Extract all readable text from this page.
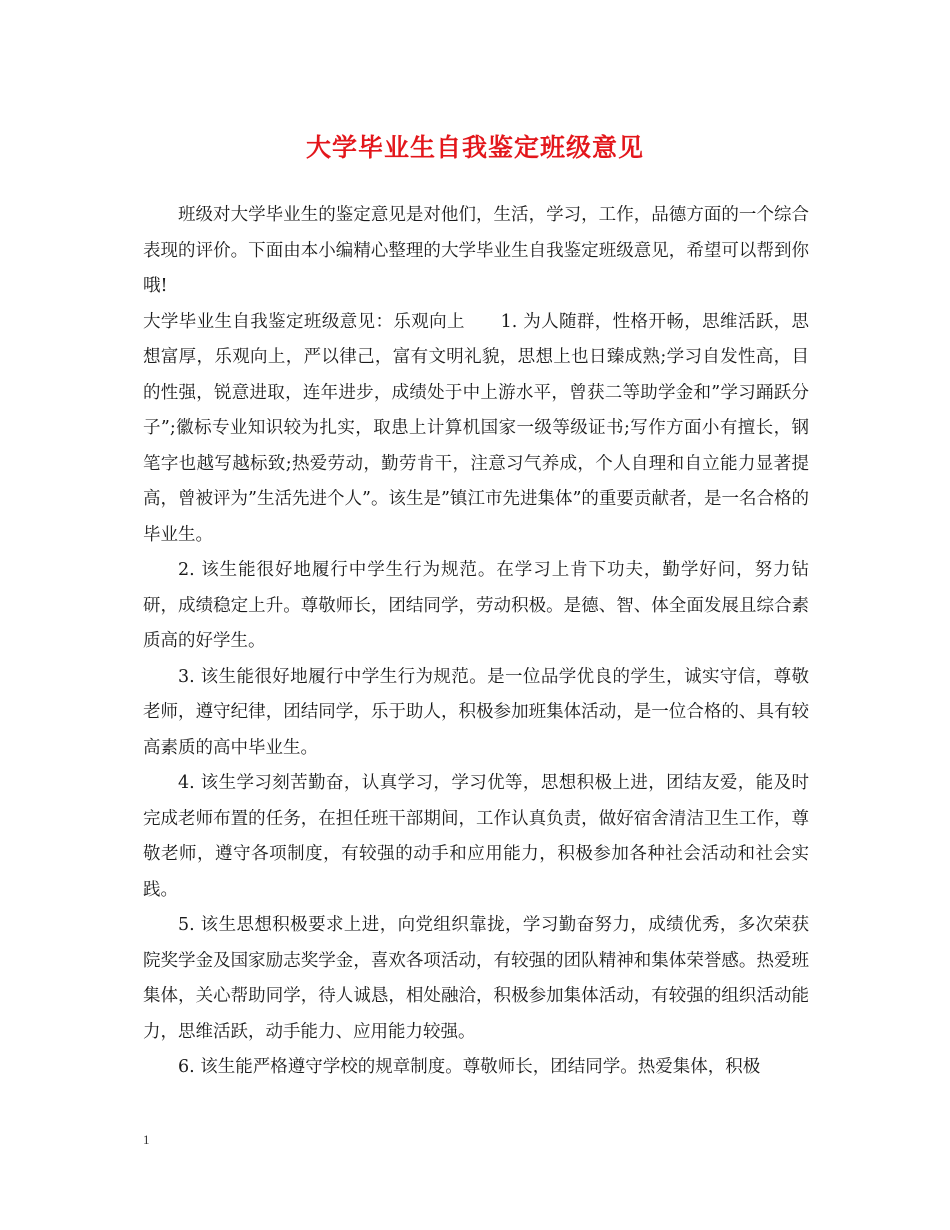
大学毕业生自我鉴定班级意见

班级对大学毕业生的鉴定意见是对他们，生活，学习，工作，品德方面的一个综合表现的评价。下面由本小编精心整理的大学毕业生自我鉴定班级意见，希望可以帮到你哦!

大学毕业生自我鉴定班级意见：乐观向上　　1. 为人随群，性格开畅，思维活跃，思想富厚，乐观向上，严以律己，富有文明礼貌，思想上也日臻成熟;学习自发性高，目的性强，锐意进取，连年进步，成绩处于中上游水平，曾获二等助学金和”学习踊跃分子”;徽标专业知识较为扎实，取患上计算机国家一级等级证书;写作方面小有擅长，钢笔字也越写越标致;热爱劳动，勤劳肯干，注意习气养成，个人自理和自立能力显著提高，曾被评为”生活先进个人”。该生是”镇江市先进集体”的重要贡献者，是一名合格的毕业生。

2. 该生能很好地履行中学生行为规范。在学习上肯下功夫，勤学好问，努力钻研，成绩稳定上升。尊敬师长，团结同学，劳动积极。是德、智、体全面发展且综合素质高的好学生。

3. 该生能很好地履行中学生行为规范。是一位品学优良的学生，诚实守信，尊敬老师，遵守纪律，团结同学，乐于助人，积极参加班集体活动，是一位合格的、具有较高素质的高中毕业生。

4. 该生学习刻苦勤奋，认真学习，学习优等，思想积极上进，团结友爱，能及时完成老师布置的任务，在担任班干部期间，工作认真负责，做好宿舍清洁卫生工作，尊敬老师，遵守各项制度，有较强的动手和应用能力，积极参加各种社会活动和社会实践。

5. 该生思想积极要求上进，向党组织靠拢，学习勤奋努力，成绩优秀，多次荣获院奖学金及国家励志奖学金，喜欢各项活动，有较强的团队精神和集体荣誉感。热爱班集体，关心帮助同学，待人诚恳，相处融洽，积极参加集体活动，有较强的组织活动能力，思维活跃，动手能力、应用能力较强。

6. 该生能严格遵守学校的规章制度。尊敬师长，团结同学。热爱集体，积极

1
